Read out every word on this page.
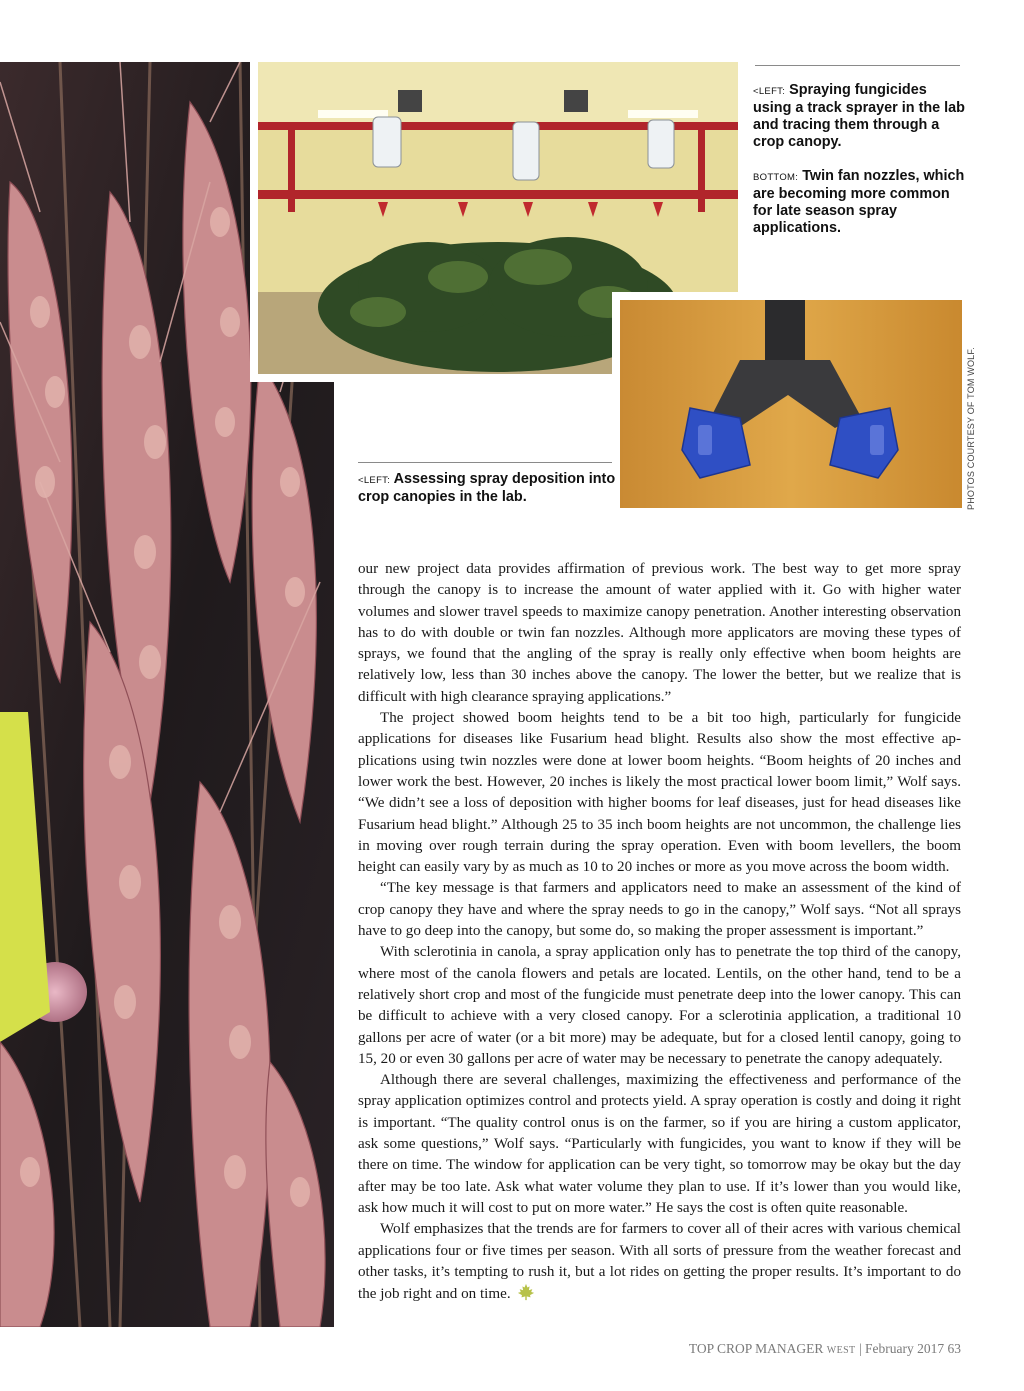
<LEFT: Spraying fungicides using a track sprayer in the lab and tracing them through a crop canopy.

BOTTOM: Twin fan nozzles, which are becoming more common for late season spray applications.

<LEFT: Assessing spray deposition into crop canopies in the lab.	PHOTOS COURTESY OF TOM WOLF.

our new project data provides affirmation of previous work. The best way to get more spray through the canopy is to increase the amount of water applied with it. Go with higher water volumes and slower travel speeds to maximize canopy penetration. Another interesting observation has to do with double or twin fan nozzles. Although more applicators are moving these types of sprays, we found that the angling of the spray is really only effective when boom heights are relatively low, less than 30 inches above the canopy. The lower the better, but we realize that is difficult with high clearance spraying applications.”

The project showed boom heights tend to be a bit too high, particularly for fungicide applications for diseases like Fusarium head blight. Results also show the most effective applications using twin nozzles were done at lower boom heights. “Boom heights of 20 inches and lower work the best. However, 20 inches is likely the most practical lower boom limit,” Wolf says. “We didn’t see a loss of deposition with higher booms for leaf diseases, just for head diseases like Fusarium head blight.” Although 25 to 35 inch boom heights are not uncommon, the challenge lies in moving over rough terrain during the spray operation. Even with boom levellers, the boom height can easily vary by as much as 10 to 20 inches or more as you move across the boom width.

“The key message is that farmers and applicators need to make an assessment of the kind of crop canopy they have and where the spray needs to go in the canopy,” Wolf says. “Not all sprays have to go deep into the canopy, but some do, so making the proper assessment is important.”

With sclerotinia in canola, a spray application only has to penetrate the top third of the canopy, where most of the canola flowers and petals are located. Lentils, on the other hand, tend to be a relatively short crop and most of the fungicide must penetrate deep into the lower canopy. This can be difficult to achieve with a very closed canopy. For a sclerotinia application, a traditional 10 gallons per acre of water (or a bit more) may be adequate, but for a closed lentil canopy, going to 15, 20 or even 30 gallons per acre of water may be necessary to penetrate the canopy adequately.

Although there are several challenges, maximizing the effectiveness and performance of the spray application optimizes control and protects yield. A spray operation is costly and doing it right is important. “The quality control onus is on the farmer, so if you are hiring a custom applicator, ask some questions,” Wolf says. “Particularly with fungicides, you want to know if they will be there on time. The window for application can be very tight, so tomorrow may be okay but the day after may be too late. Ask what water volume they plan to use. If it’s lower than you would like, ask how much it will cost to put on more water.” He says the cost is often quite reasonable.

Wolf emphasizes that the trends are for farmers to cover all of their acres with various chemical applications four or five times per season. With all sorts of pressure from the weather forecast and other tasks, it’s tempting to rush it, but a lot rides on getting the proper results. It’s important to do the job right and on time.

TOP CROP MANAGER WEST | February 2017 63
